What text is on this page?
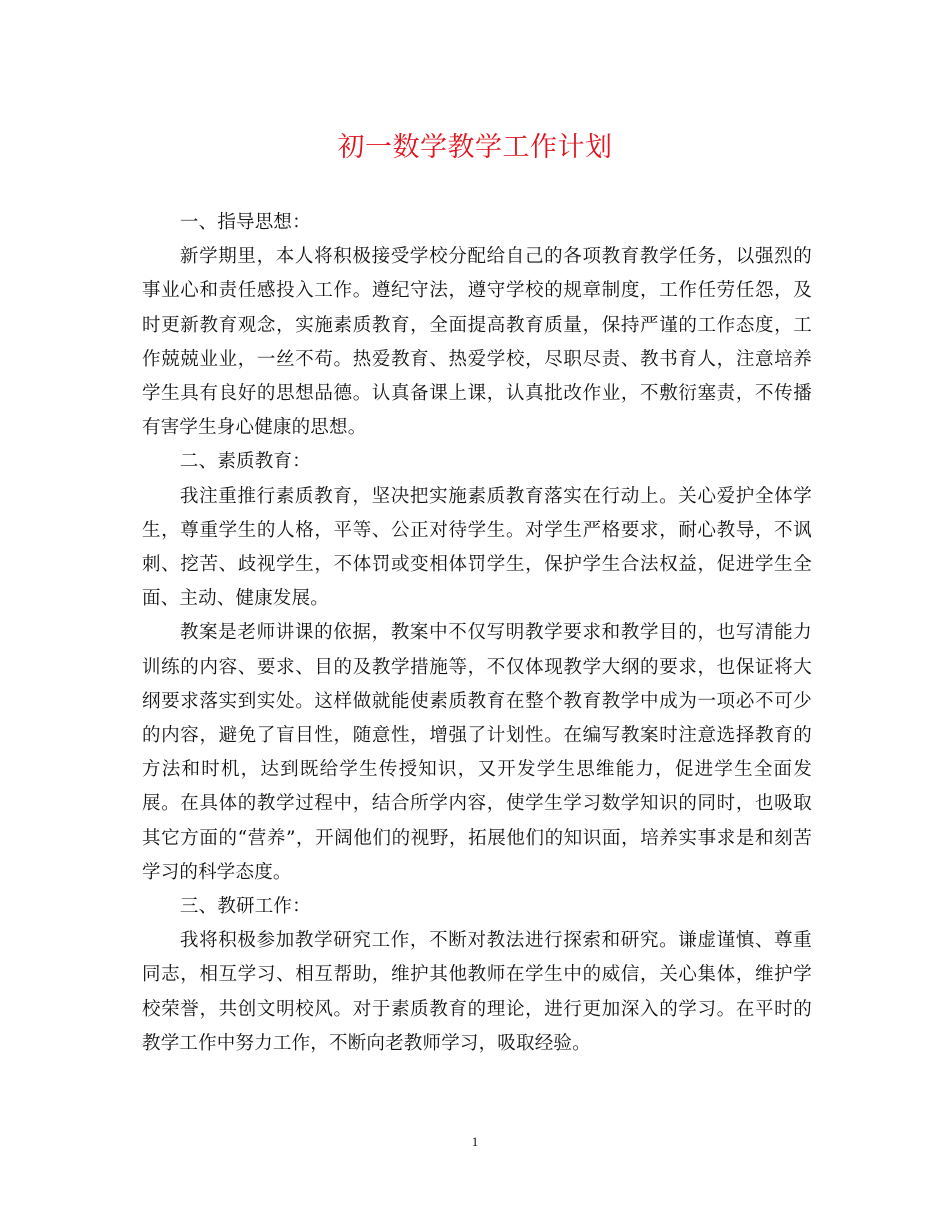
初一数学教学工作计划

一、指导思想：

新学期里，本人将积极接受学校分配给自己的各项教育教学任务，以强烈的事业心和责任感投入工作。遵纪守法，遵守学校的规章制度，工作任劳任怨，及时更新教育观念，实施素质教育，全面提高教育质量，保持严谨的工作态度，工作兢兢业业，一丝不苟。热爱教育、热爱学校，尽职尽责、教书育人，注意培养学生具有良好的思想品德。认真备课上课，认真批改作业，不敷衍塞责，不传播有害学生身心健康的思想。

二、素质教育：

我注重推行素质教育，坚决把实施素质教育落实在行动上。关心爱护全体学生，尊重学生的人格，平等、公正对待学生。对学生严格要求，耐心教导，不讽刺、挖苦、歧视学生，不体罚或变相体罚学生，保护学生合法权益，促进学生全面、主动、健康发展。

教案是老师讲课的依据，教案中不仅写明教学要求和教学目的，也写清能力训练的内容、要求、目的及教学措施等，不仅体现教学大纲的要求，也保证将大纲要求落实到实处。这样做就能使素质教育在整个教育教学中成为一项必不可少的内容，避免了盲目性，随意性，增强了计划性。在编写教案时注意选择教育的方法和时机，达到既给学生传授知识，又开发学生思维能力，促进学生全面发展。在具体的教学过程中，结合所学内容，使学生学习数学知识的同时，也吸取其它方面的“营养”，开阔他们的视野，拓展他们的知识面，培养实事求是和刻苦学习的科学态度。

三、教研工作：

我将积极参加教学研究工作，不断对教法进行探索和研究。谦虚谨慎、尊重同志，相互学习、相互帮助，维护其他教师在学生中的威信，关心集体，维护学校荣誉，共创文明校风。对于素质教育的理论，进行更加深入的学习。在平时的教学工作中努力工作，不断向老教师学习，吸取经验。

1
